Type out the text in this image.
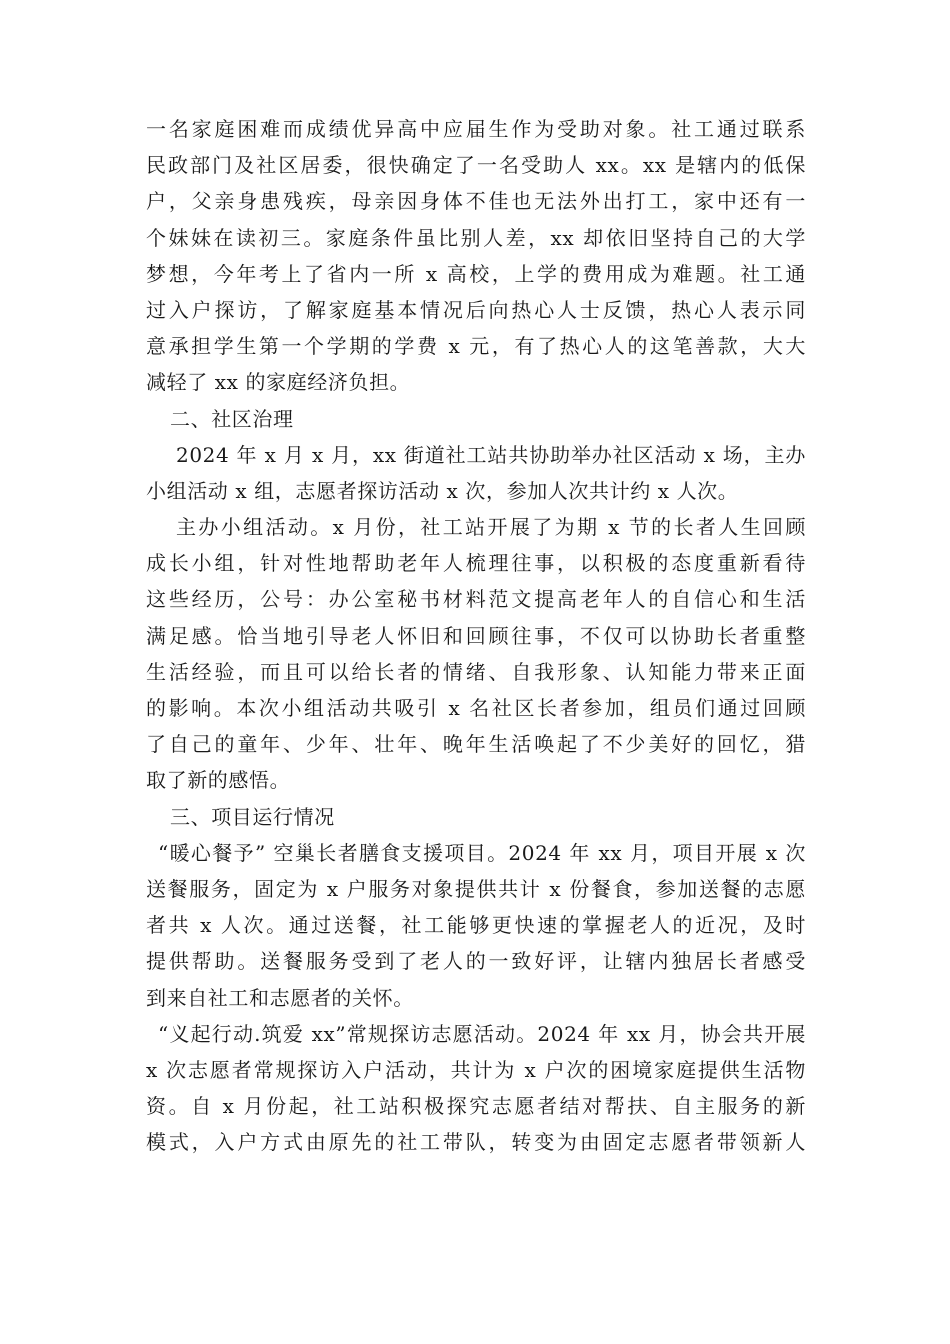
一名家庭困难而成绩优异高中应届生作为受助对象。社工通过联系
民政部门及社区居委，很快确定了一名受助人 xx。xx 是辖内的低保
户，父亲身患残疾，母亲因身体不佳也无法外出打工，家中还有一
个妹妹在读初三。家庭条件虽比别人差，xx 却依旧坚持自己的大学
梦想，今年考上了省内一所 x 高校，上学的费用成为难题。社工通
过入户探访，了解家庭基本情况后向热心人士反馈，热心人表示同
意承担学生第一个学期的学费 x 元，有了热心人的这笔善款，大大
减轻了 xx 的家庭经济负担。
二、社区治理
2024 年 x 月 x 月，xx 街道社工站共协助举办社区活动 x 场，主办
小组活动 x 组，志愿者探访活动 x 次，参加人次共计约 x 人次。
主办小组活动。x 月份，社工站开展了为期 x 节的长者人生回顾
成长小组，针对性地帮助老年人梳理往事，以积极的态度重新看待
这些经历，公号：办公室秘书材料范文提高老年人的自信心和生活
满足感。恰当地引导老人怀旧和回顾往事，不仅可以协助长者重整
生活经验，而且可以给长者的情绪、自我形象、认知能力带来正面
的影响。本次小组活动共吸引 x 名社区长者参加，组员们通过回顾
了自己的童年、少年、壮年、晚年生活唤起了不少美好的回忆，猎
取了新的感悟。
三、项目运行情况
“暖心餐予” 空巢长者膳食支援项目。2024 年 xx 月，项目开展 x 次
送餐服务，固定为 x 户服务对象提供共计 x 份餐食，参加送餐的志愿
者共 x 人次。通过送餐，社工能够更快速的掌握老人的近况，及时
提供帮助。送餐服务受到了老人的一致好评，让辖内独居长者感受
到来自社工和志愿者的关怀。
“义起行动.筑爱 xx”常规探访志愿活动。2024 年 xx 月，协会共开展
x 次志愿者常规探访入户活动，共计为 x 户次的困境家庭提供生活物
资。自 x 月份起，社工站积极探究志愿者结对帮扶、自主服务的新
模式，入户方式由原先的社工带队，转变为由固定志愿者带领新人
